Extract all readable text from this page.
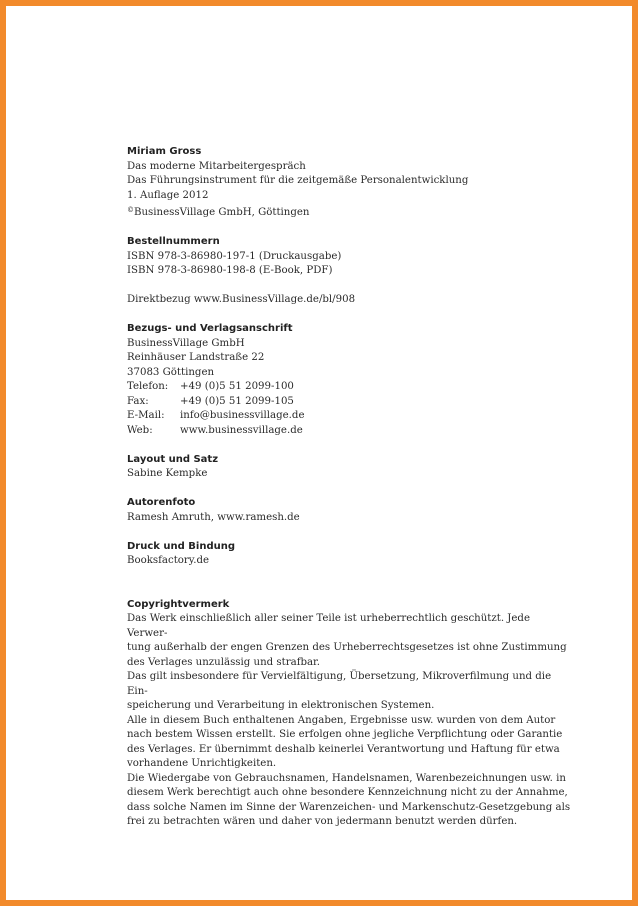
Miriam Gross

Das moderne Mitarbeitergespräch

Das Führungsinstrument für die zeitgemäße Personalentwicklung

1. Auflage 2012

©BusinessVillage GmbH, Göttingen

Bestellnummern

ISBN 978-3-86980-197-1 (Druckausgabe)

ISBN 978-3-86980-198-8 (E-Book, PDF)

Direktbezug www.BusinessVillage.de/bl/908

Bezugs- und Verlagsanschrift

BusinessVillage GmbH

Reinhäuser Landstraße 22

37083 Göttingen

Telefon:	+49 (0)5 51 2099-100
Fax:	+49 (0)5 51 2099-105
E-Mail:	info@businessvillage.de
Web:	www.businessvillage.de

Layout und Satz

Sabine Kempke

Autorenfoto

Ramesh Amruth, www.ramesh.de

Druck und Bindung

Booksfactory.de

Copyrightvermerk

Das Werk einschließlich aller seiner Teile ist urheberrechtlich geschützt. Jede Verwer-

tung außerhalb der engen Grenzen des Urheberrechtsgesetzes ist ohne Zustimmung

des Verlages unzulässig und strafbar.

Das gilt insbesondere für Vervielfältigung, Übersetzung, Mikroverfilmung und die Ein-

speicherung und Verarbeitung in elektronischen Systemen.

Alle in diesem Buch enthaltenen Angaben, Ergebnisse usw. wurden von dem Autor

nach bestem Wissen erstellt. Sie erfolgen ohne jegliche Verpflichtung oder Garantie

des Verlages. Er übernimmt deshalb keinerlei Verantwortung und Haftung für etwa

vorhandene Unrichtigkeiten.

Die Wiedergabe von Gebrauchsnamen, Handelsnamen, Warenbezeichnungen usw. in

diesem Werk berechtigt auch ohne besondere Kennzeichnung nicht zu der Annahme,

dass solche Namen im Sinne der Warenzeichen- und Markenschutz-Gesetzgebung als

frei zu betrachten wären und daher von jedermann benutzt werden dürfen.
